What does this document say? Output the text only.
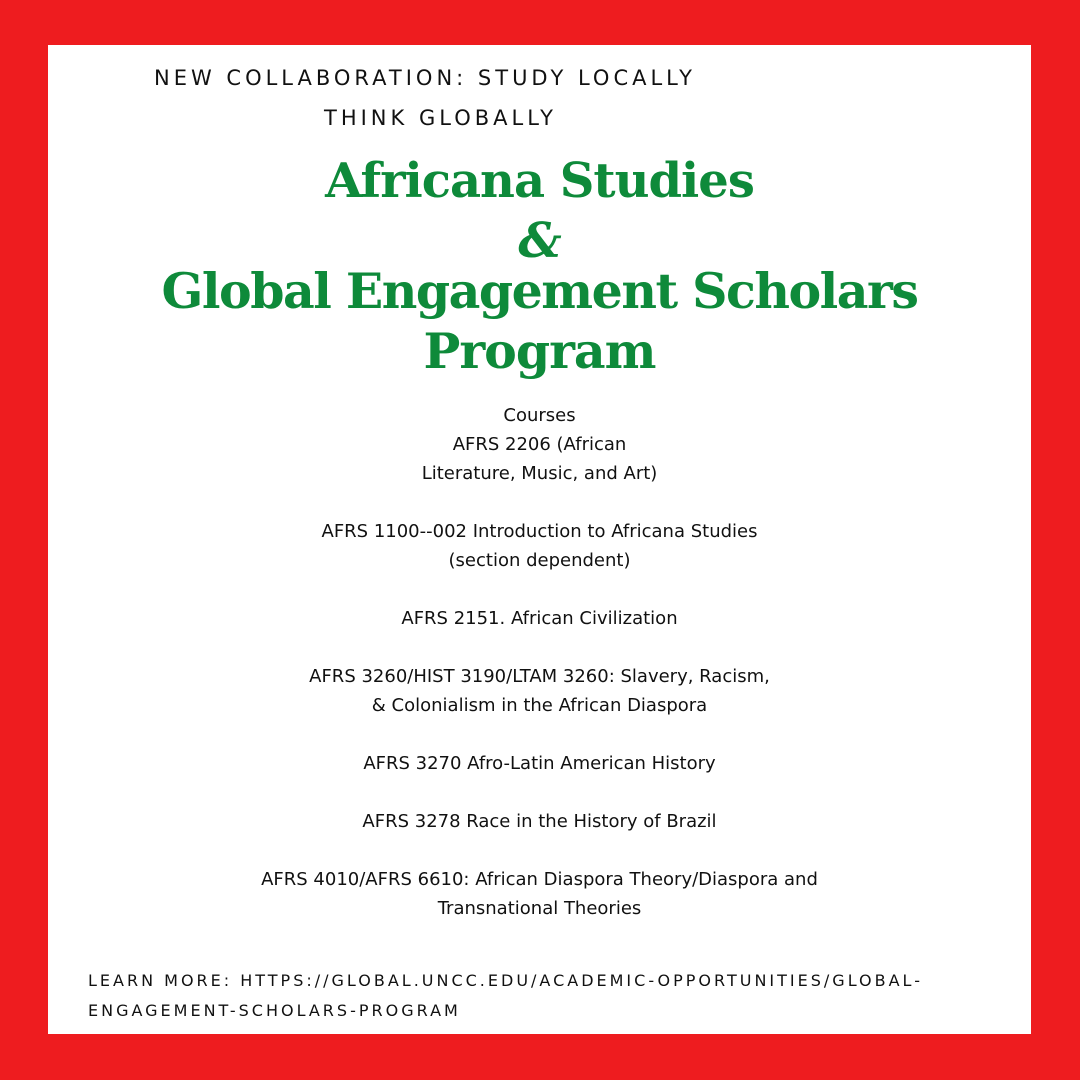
NEW COLLABORATION: STUDY LOCALLY
THINK GLOBALLY
Africana Studies
&
Global Engagement Scholars
Program
Courses
AFRS 2206 (African
Literature, Music, and Art)
AFRS 1100--002 Introduction to Africana Studies
(section dependent)
AFRS 2151. African Civilization
AFRS 3260/HIST 3190/LTAM 3260: Slavery, Racism,
& Colonialism in the African Diaspora
AFRS 3270 Afro-Latin American History
AFRS 3278 Race in the History of Brazil
AFRS 4010/AFRS 6610: African Diaspora Theory/Diaspora and
Transnational Theories
LEARN MORE: HTTPS://GLOBAL.UNCC.EDU/ACADEMIC-OPPORTUNITIES/GLOBAL-
ENGAGEMENT-SCHOLARS-PROGRAM
